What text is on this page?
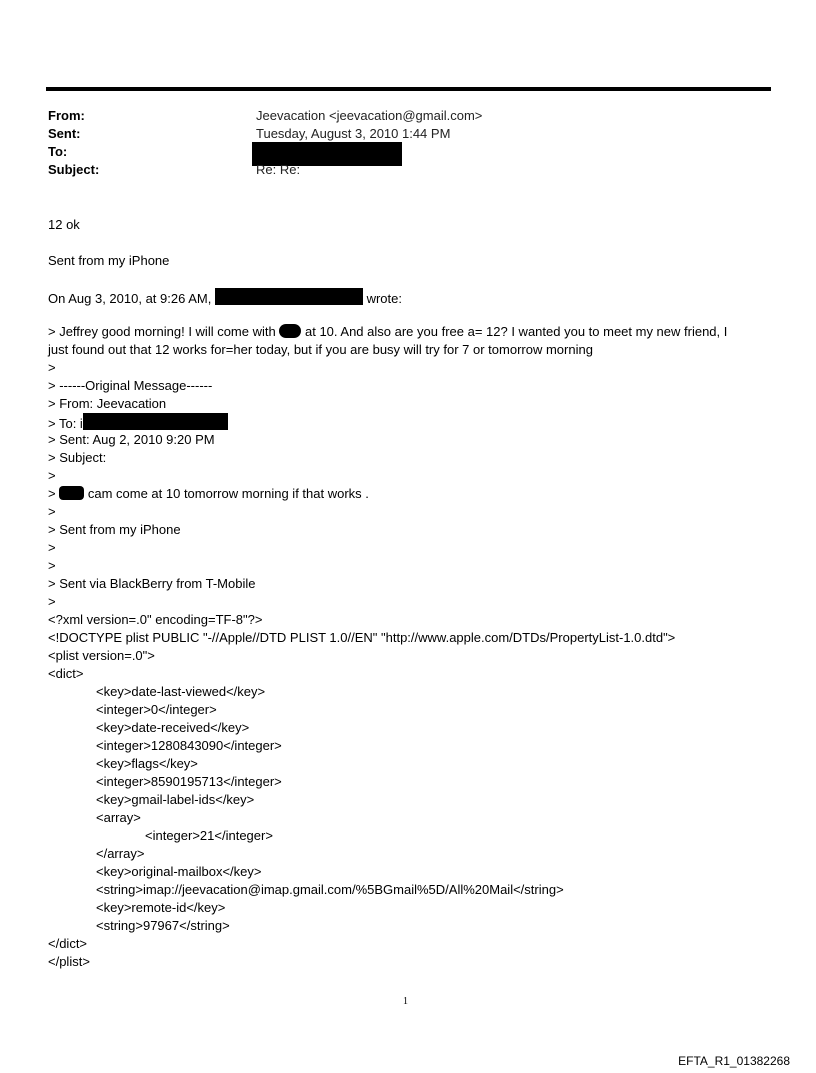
From:	Jeevacation <jeevacation@gmail.com>
Sent:	Tuesday, August 3, 2010 1:44 PM
To:
Subject:	Re: Re:
12 ok
Sent from my iPhone
On Aug 3, 2010, at 9:26 AM,	wrote:
> Jeffrey good morning! I will come with at 10. And also are you free a= 12? I wanted you to meet my new friend, I
just found out that 12 works for=her today, but if you are busy will try for 7 or tomorrow morning
>
> ------Original Message------
> From: Jeevacation
> To: i
> Sent: Aug 2, 2010 9:20 PM
> Subject:
>
> cam come at 10 tomorrow morning if that works .
>
> Sent from my iPhone
>
>
> Sent via BlackBerry from T-Mobile
>
<?xml version=.0" encoding=TF-8"?>
<!DOCTYPE plist PUBLIC "-//Apple//DTD PLIST 1.0//EN" "http://www.apple.com/DTDs/PropertyList-1.0.dtd">
<plist version=.0">
<dict>
<key>date-last-viewed</key>
<integer>0</integer>
<key>date-received</key>
<integer>1280843090</integer>
<key>flags</key>
<integer>8590195713</integer>
<key>gmail-label-ids</key>
<array>
<integer>21</integer>
</array>
<key>original-mailbox</key>
<string>imap://jeevacation@imap.gmail.com/%5BGmail%5D/All%20Mail</string>
<key>remote-id</key>
<string>97967</string>
</dict>
</plist>
1
EFTA_R1_01382268
